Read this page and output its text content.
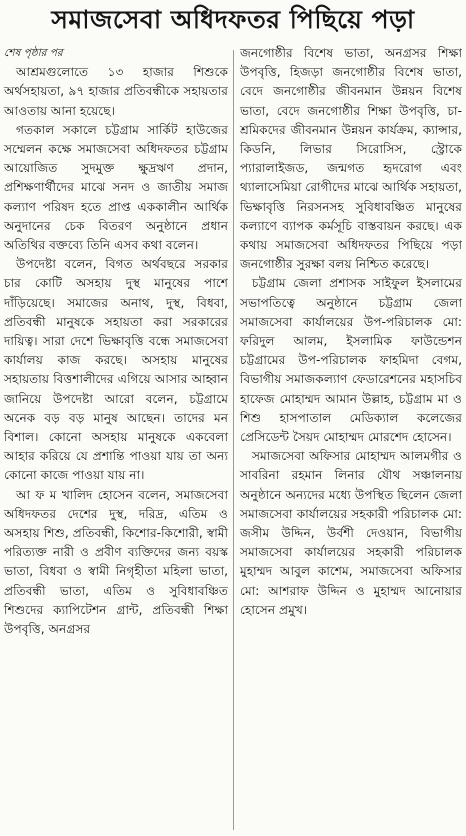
সমাজসেবা অধিদফতর পিছিয়ে পড়া

শেষ পৃষ্ঠার পর

আশ্রমগুলোতে ১৩ হাজার শিশুকে অর্থসহায়তা, ৯৭ হাজার প্রতিবন্ধীকে সহায়তার আওতায় আনা হয়েছে।

গতকাল সকালে চট্টগ্রাম সার্কিট হাউজের সম্মেলন কক্ষে সমাজসেবা অধিদফতর চট্টগ্রাম আয়োজিত সুদমুক্ত ক্ষুদ্রঋণ প্রদান, প্রশিক্ষণার্থীদের মাঝে সনদ ও জাতীয় সমাজ কল্যাণ পরিষদ হতে প্রাপ্ত এককালীন আর্থিক অনুদানের চেক বিতরণ অনুষ্ঠানে প্রধান অতিথির বক্তব্যে তিনি এসব কথা বলেন।

উপদেষ্টা বলেন, বিগত অর্থবছরে সরকার চার কোটি অসহায় দুস্থ মানুষের পাশে দাঁড়িয়েছে। সমাজের অনাথ, দুস্থ, বিধবা, প্রতিবন্ধী মানুষকে সহায়তা করা সরকারের দায়িত্ব। সারা দেশে ভিক্ষাবৃত্তি বন্ধে সমাজসেবা কার্যালয় কাজ করছে। অসহায় মানুষের সহায়তায় বিত্তশালীদের এগিয়ে আসার আহ্বান জানিয়ে উপদেষ্টা আরো বলেন, চট্টগ্রামে অনেক বড় বড় মানুষ আছেন। তাদের মন বিশাল। কোনো অসহায় মানুষকে একবেলা আহার করিয়ে যে প্রশান্তি পাওয়া যায় তা অন্য কোনো কাজে পাওয়া যায় না।

আ ফ ম খালিদ হোসেন বলেন, সমাজসেবা অধিদফতর দেশের দুস্থ, দরিদ্র, এতিম ও অসহায় শিশু, প্রতিবন্ধী, কিশোর-কিশোরী, স্বামী পরিত্যক্ত নারী ও প্রবীণ ব্যক্তিদের জন্য বয়স্ক ভাতা, বিধবা ও স্বামী নিগৃহীতা মহিলা ভাতা, প্রতিবন্ধী ভাতা, এতিম ও সুবিধাবঞ্চিত শিশুদের ক্যাপিটেশন গ্রান্ট, প্রতিবন্ধী শিক্ষা উপবৃত্তি, অনগ্রসর

জনগোষ্ঠীর বিশেষ ভাতা, অনগ্রসর শিক্ষা উপবৃত্তি, হিজড়া জনগোষ্ঠীর বিশেষ ভাতা, বেদে জনগোষ্ঠীর জীবনমান উন্নয়ন বিশেষ ভাতা, বেদে জনগোষ্ঠীর শিক্ষা উপবৃত্তি, চা-শ্রমিকদের জীবনমান উন্নয়ন কার্যক্রম, ক্যান্সার, কিডনি, লিভার সিরোসিস, স্ট্রোকে প্যারালাইজড, জন্মগত হৃদরোগ এবং থ্যালাসেমিয়া রোগীদের মাঝে আর্থিক সহায়তা, ভিক্ষাবৃত্তি নিরসনসহ সুবিধাবঞ্চিত মানুষের কল্যাণে ব্যাপক কর্মসূচি বাস্তবায়ন করছে। এক কথায় সমাজসেবা অধিদফতর পিছিয়ে পড়া জনগোষ্ঠীর সুরক্ষা বলয় নিশ্চিত করেছে।

চট্টগ্রাম জেলা প্রশাসক সাইফুল ইসলামের সভাপতিত্বে অনুষ্ঠানে চট্টগ্রাম জেলা সমাজসেবা কার্যালয়ের উপ-পরিচালক মো: ফরিদুল আলম, ইসলামিক ফাউন্ডেশন চট্টগ্রামের উপ-পরিচালক ফাহমিদা বেগম, বিভাগীয় সমাজকল্যাণ ফেডারেশনের মহাসচিব হাফেজ মোহাম্মদ আমান উল্লাহ, চট্টগ্রাম মা ও শিশু হাসপাতাল মেডিক্যাল কলেজের প্রেসিডেন্ট সৈয়দ মোহাম্মদ মোরশেদ হোসেন।

সমাজসেবা অফিসার মোহাম্মদ আলমগীর ও সাবরিনা রহমান লিনার যৌথ সঞ্চালনায় অনুষ্ঠানে অন্যদের মধ্যে উপস্থিত ছিলেন জেলা সমাজসেবা কার্যালয়ের সহকারী পরিচালক মো: জসীম উদ্দিন, উর্বশী দেওয়ান, বিভাগীয় সমাজসেবা কার্যালয়ের সহকারী পরিচালক মুহাম্মদ আবুল কাশেম, সমাজসেবা অফিসার মো: আশরাফ উদ্দিন ও মুহাম্মদ আনোয়ার হোসেন প্রমুখ।
